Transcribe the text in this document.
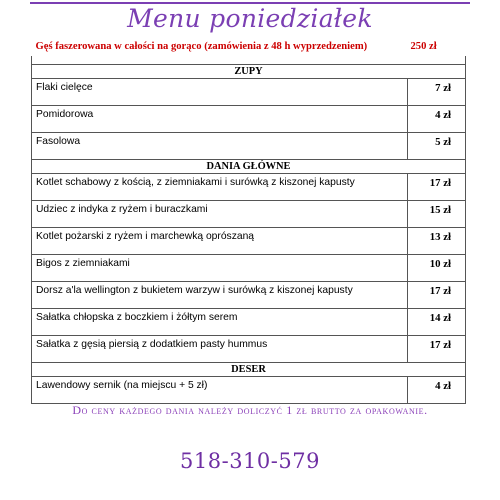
Menu poniedziałek
Gęś faszerowana w całości na gorąco (zamówienia z 48 h wyprzedzeniem)	250 zł

ZUPY	
Flaki cielęce	7 zł
Pomidorowa	4 zł
Fasolowa	5 zł
DANIA GŁÓWNE	
Kotlet schabowy z kością, z ziemniakami i surówką z kiszonej kapusty	17 zł
Udziec z indyka z ryżem i buraczkami	15 zł
Kotlet pożarski z ryżem i marchewką oprószaną	13 zł
Bigos z ziemniakami	10 zł
Dorsz a'la wellington z bukietem warzyw i surówką z kiszonej kapusty	17 zł
Sałatka chłopska z boczkiem i żółtym serem	14 zł
Sałatka z gęsią piersią z dodatkiem pasty hummus	17 zł
DESER	
Lawendowy sernik (na miejscu + 5 zł)	4 zł
Do ceny każdego dania należy doliczyć 1 zł brutto za opakowanie.
518-310-579
